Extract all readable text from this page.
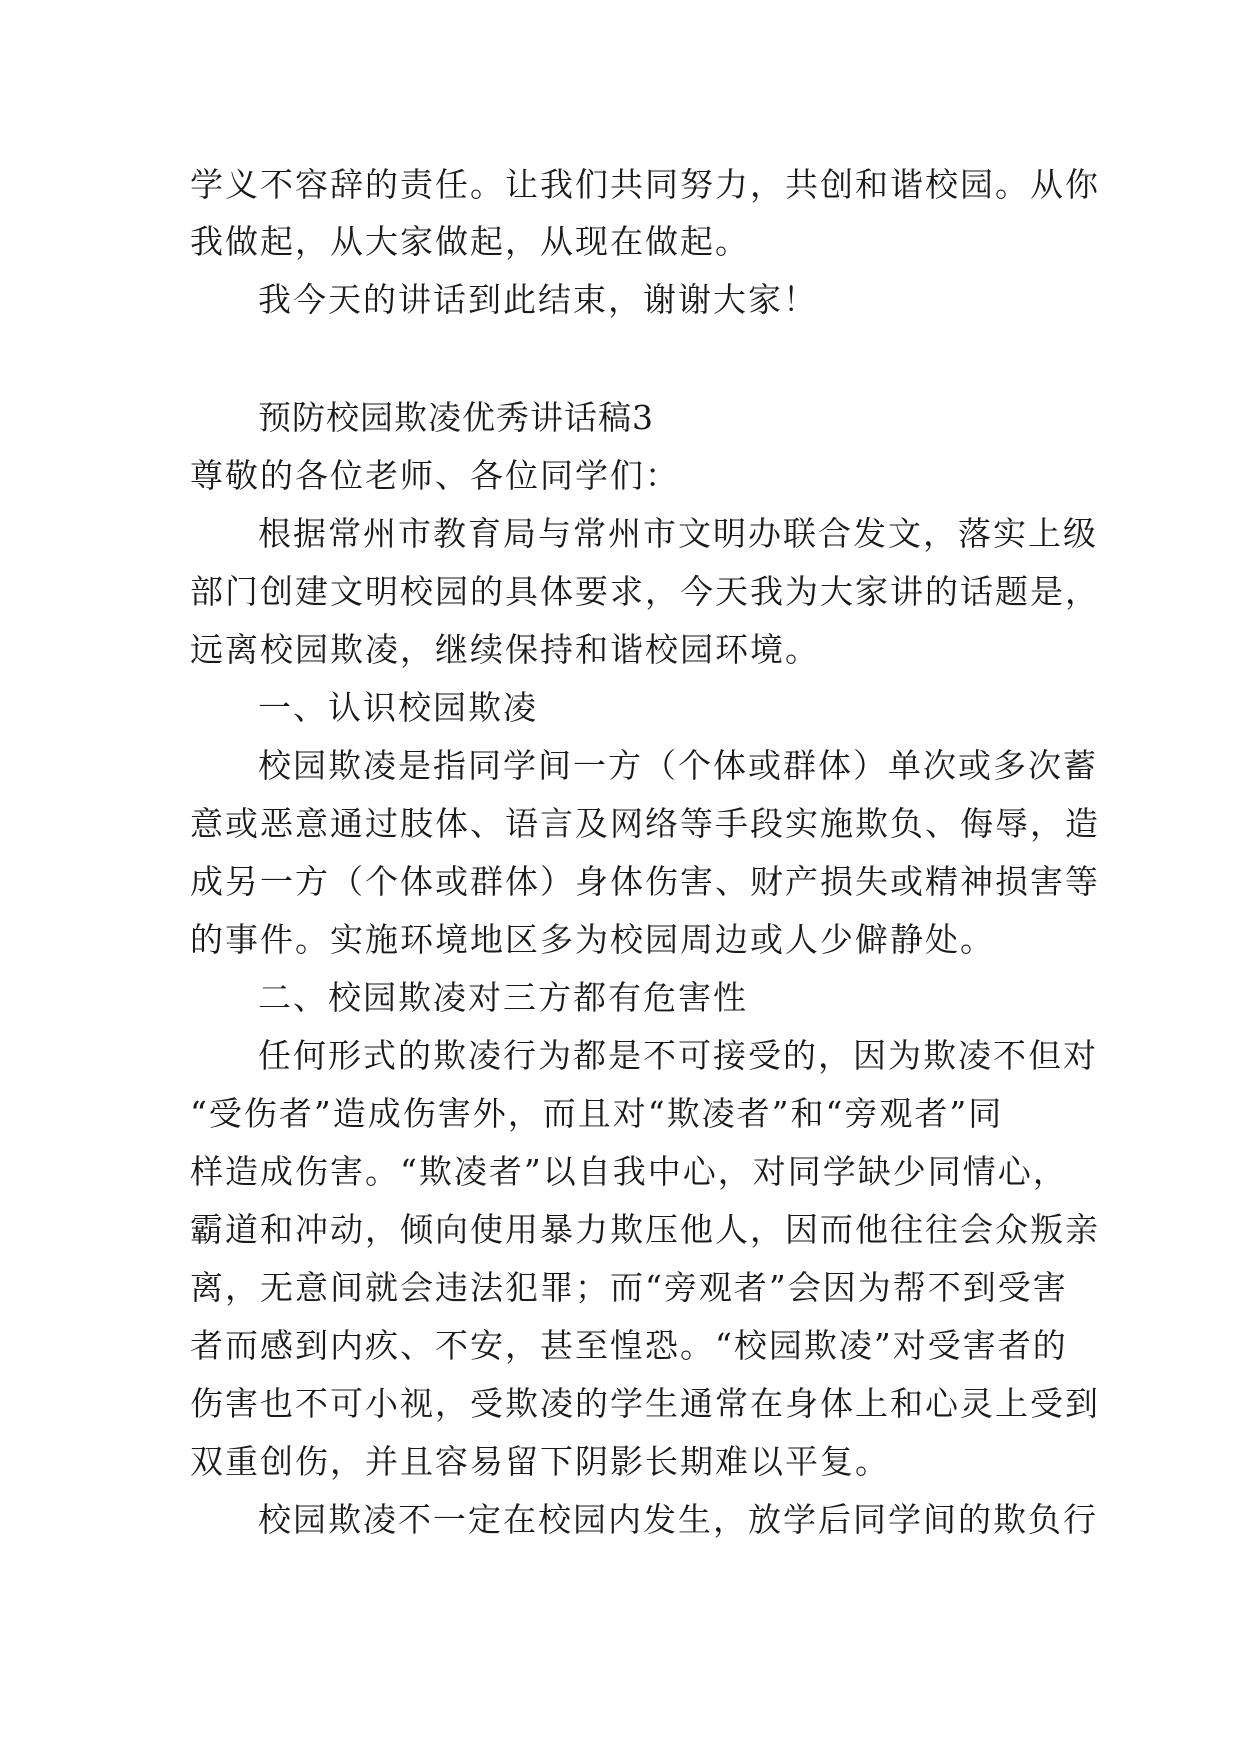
学义不容辞的责任。让我们共同努力，共创和谐校园。从你
我做起，从大家做起，从现在做起。
我今天的讲话到此结束，谢谢大家！
预防校园欺凌优秀讲话稿3
尊敬的各位老师、各位同学们：
根据常州市教育局与常州市文明办联合发文，落实上级
部门创建文明校园的具体要求，今天我为大家讲的话题是，
远离校园欺凌，继续保持和谐校园环境。
一、认识校园欺凌
校园欺凌是指同学间一方（个体或群体）单次或多次蓄
意或恶意通过肢体、语言及网络等手段实施欺负、侮辱，造
成另一方（个体或群体）身体伤害、财产损失或精神损害等
的事件。实施环境地区多为校园周边或人少僻静处。
二、校园欺凌对三方都有危害性
任何形式的欺凌行为都是不可接受的，因为欺凌不但对
“受伤者”造成伤害外，而且对“欺凌者”和“旁观者”同
样造成伤害。“欺凌者”以自我中心，对同学缺少同情心，
霸道和冲动，倾向使用暴力欺压他人，因而他往往会众叛亲
离，无意间就会违法犯罪；而“旁观者”会因为帮不到受害
者而感到内疚、不安，甚至惶恐。“校园欺凌”对受害者的
伤害也不可小视，受欺凌的学生通常在身体上和心灵上受到
双重创伤，并且容易留下阴影长期难以平复。
校园欺凌不一定在校园内发生，放学后同学间的欺负行
